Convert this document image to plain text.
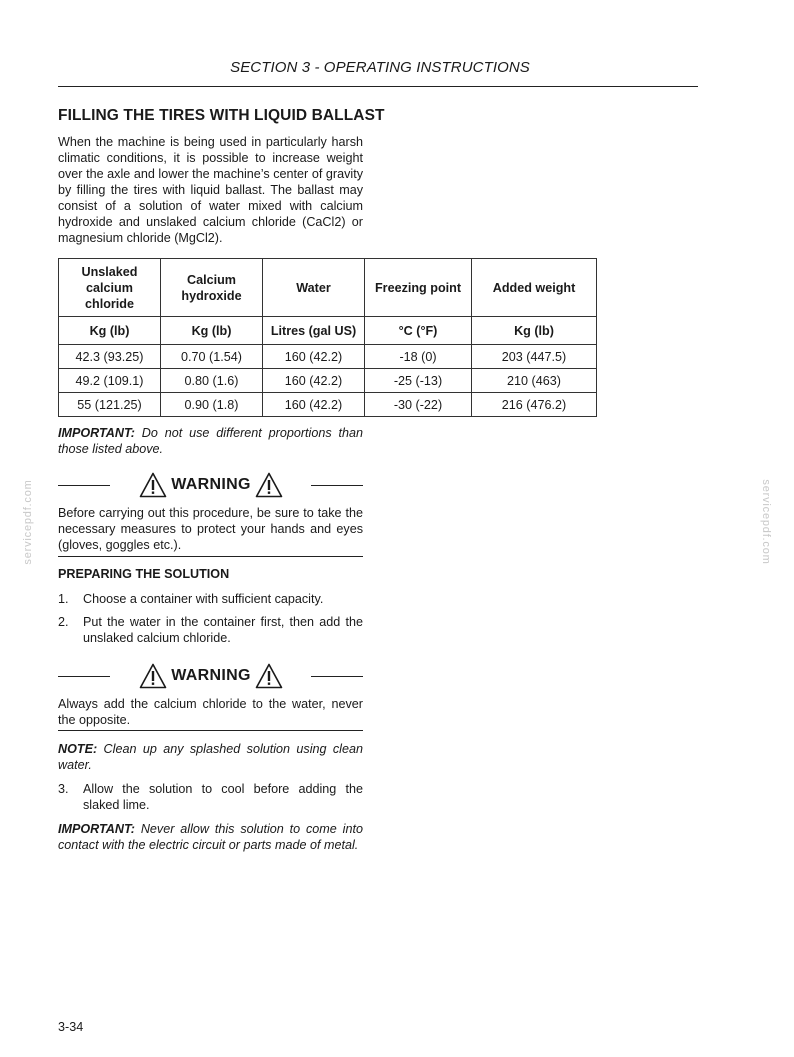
SECTION 3 - OPERATING INSTRUCTIONS
FILLING THE TIRES WITH LIQUID BALLAST
When the machine is being used in particularly harsh climatic conditions, it is possible to increase weight over the axle and lower the machine’s center of gravity by filling the tires with liquid ballast. The ballast may consist of a solution of water mixed with calcium hydroxide and unslaked calcium chloride (CaCl2) or magnesium chloride (MgCl2).
Unslaked calcium chloride	Calcium hydroxide	Water	Freezing point	Added weight
Kg (lb)	Kg (lb)	Litres (gal US)	°C (°F)	Kg (lb)
42.3 (93.25)	0.70 (1.54)	160 (42.2)	-18 (0)	203 (447.5)
49.2 (109.1)	0.80 (1.6)	160 (42.2)	-25 (-13)	210 (463)
55 (121.25)	0.90 (1.8)	160 (42.2)	-30 (-22)	216 (476.2)
IMPORTANT: Do not use different proportions than those listed above.
WARNING
Before carrying out this procedure, be sure to take the necessary measures to protect your hands and eyes (gloves, goggles etc.).
PREPARING THE SOLUTION
1.	Choose a container with sufficient capacity.
2.	Put the water in the container first, then add the unslaked calcium chloride.
WARNING
Always add the calcium chloride to the water, never the opposite.
NOTE: Clean up any splashed solution using clean water.
3.	Allow the solution to cool before adding the slaked lime.
IMPORTANT: Never allow this solution to come into contact with the electric circuit or parts made of metal.
servicepdf.com	servicepdf.com
3-34
